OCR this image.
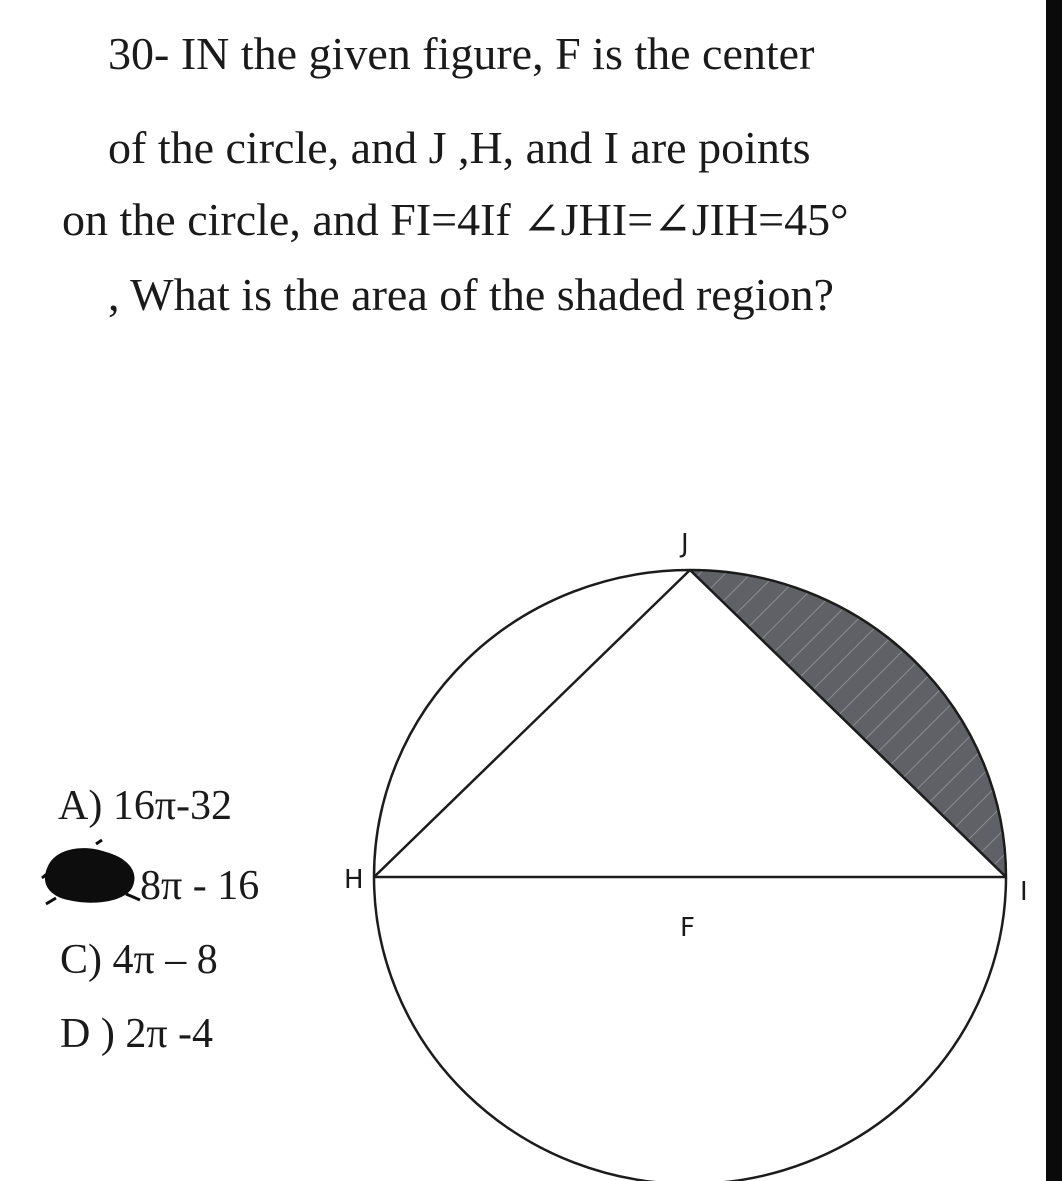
30- IN the given figure, F is the center
of the circle, and J ,H, and I are points
on the circle, and FI=4If ∠JHI=∠JIH=45°
, What is the area of the shaded region?
A) 16π-32
8π - 16
C) 4π – 8
D ) 2π -4
J
H	I
F
